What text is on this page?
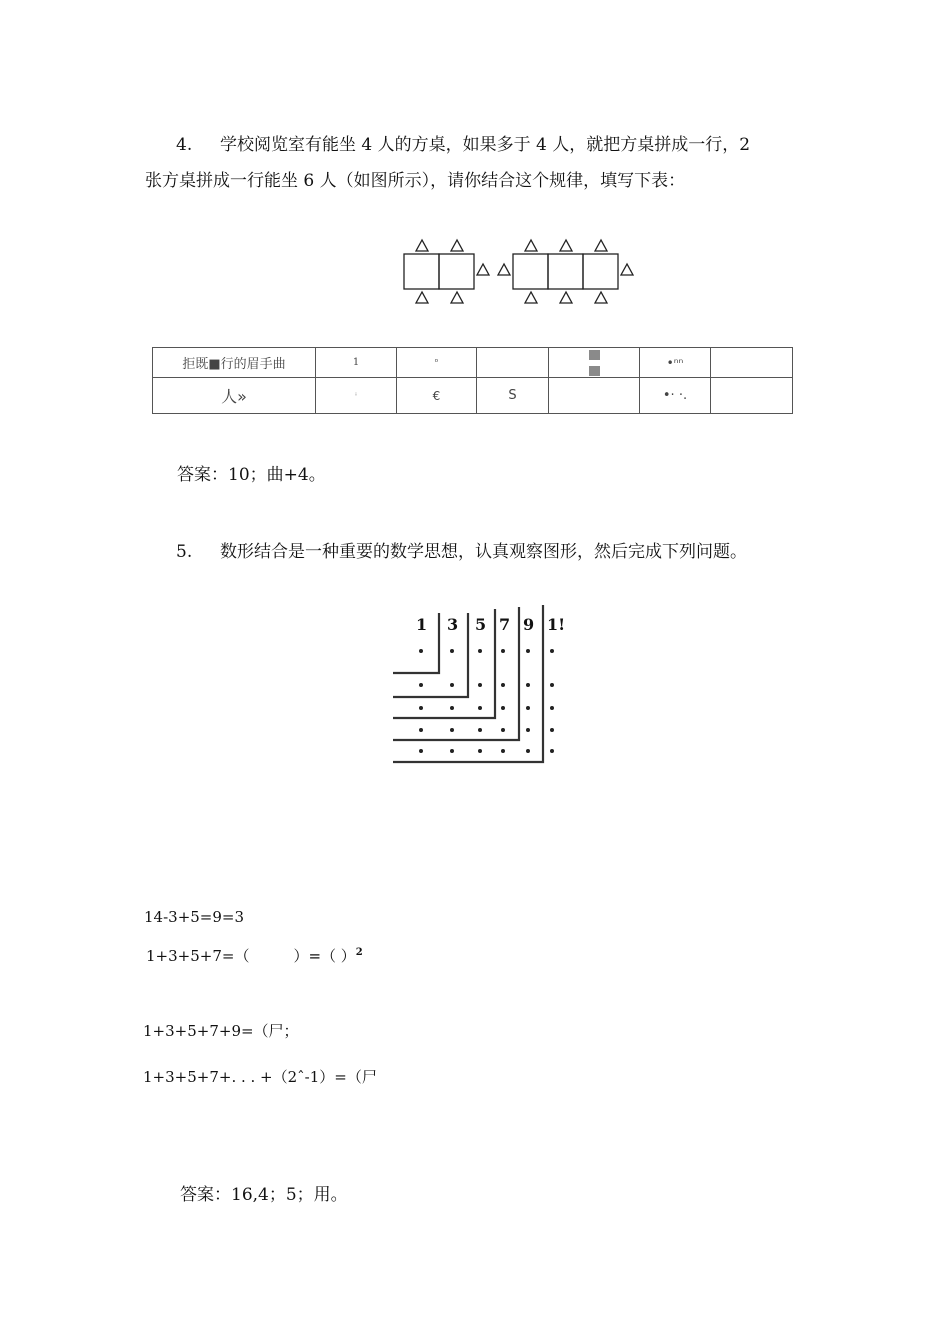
4. 学校阅览室有能坐 4 人的方桌，如果多于 4 人，就把方桌拼成一行，2
张方桌拼成一行能坐 6 人（如图所示），请你结合这个规律，填写下表：
拒既■行的眉手曲	1	ᵒ			•ⁿⁿ	
人»	ⁱ	€	S		•· ·.	
答案：10；曲+4。
5. 数形结合是一种重要的数学思想，认真观察图形，然后完成下列问题。
1 3 5 7 9 1!
14-3+5=9=3
1+3+5+7=（	）=（ ）$^2$
1+3+5+7+9=（尸；
1+3+5+7+. . . +（2ˆ-1）=（尸
答案：16,4；5；用。
